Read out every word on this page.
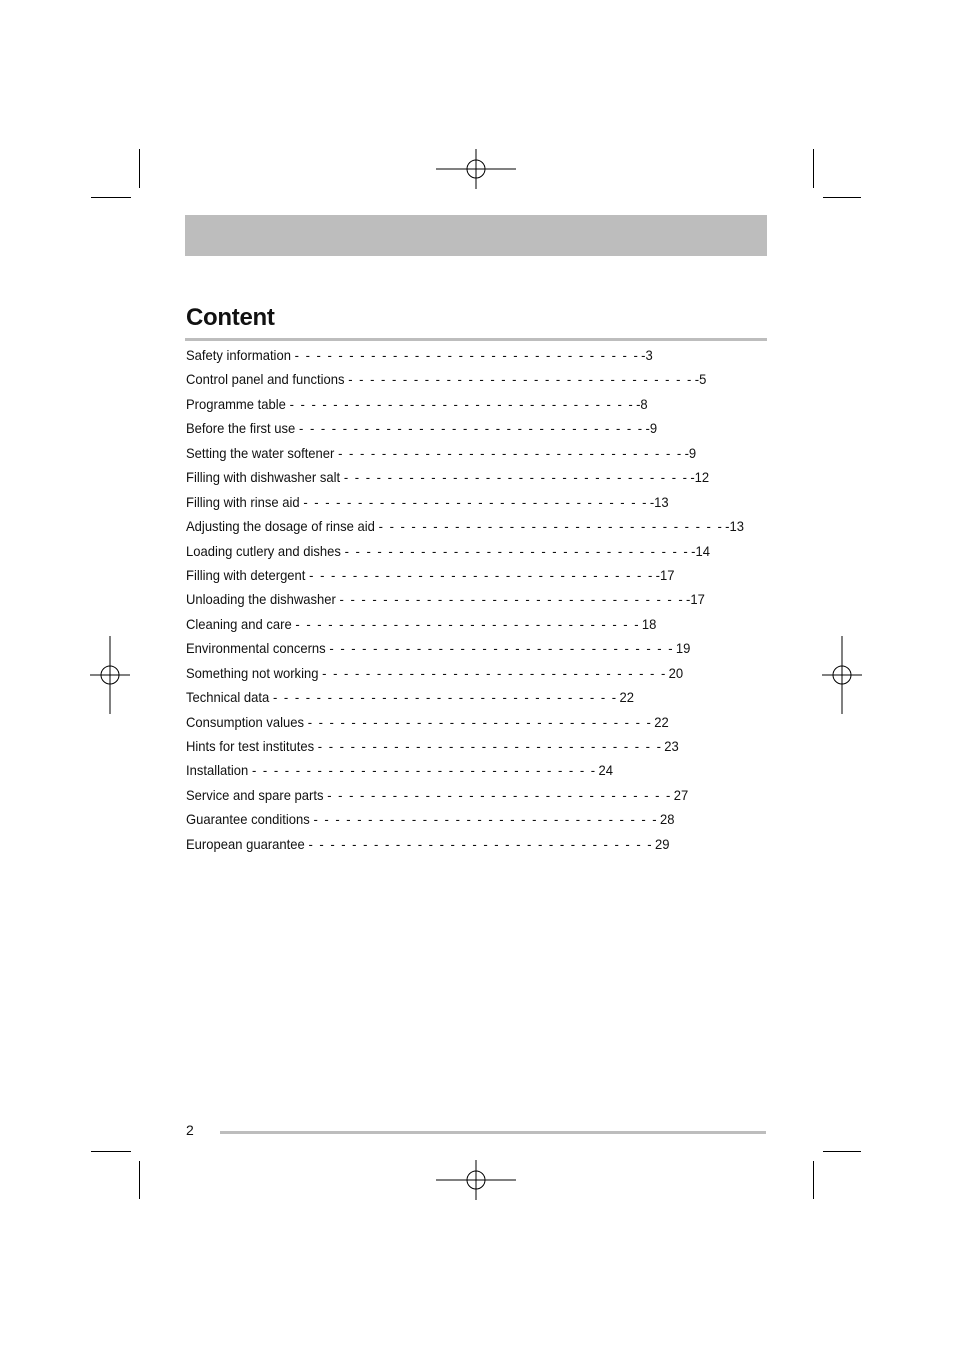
Content
Safety information - - - - - - - - - - - - - - - - - - - - - - - - - - - - - - - - -3
Control panel and functions - - - - - - - - - - - - - - - - - - - - - - - - - - - - - - - - -5
Programme table - - - - - - - - - - - - - - - - - - - - - - - - - - - - - - - - -8
Before the first use - - - - - - - - - - - - - - - - - - - - - - - - - - - - - - - - -9
Setting the water softener - - - - - - - - - - - - - - - - - - - - - - - - - - - - - - - - -9
Filling with dishwasher salt - - - - - - - - - - - - - - - - - - - - - - - - - - - - - - - - -12
Filling with rinse aid - - - - - - - - - - - - - - - - - - - - - - - - - - - - - - - - -13
Adjusting the dosage of rinse aid - - - - - - - - - - - - - - - - - - - - - - - - - - - - - - - - -13
Loading cutlery and dishes - - - - - - - - - - - - - - - - - - - - - - - - - - - - - - - - -14
Filling with detergent - - - - - - - - - - - - - - - - - - - - - - - - - - - - - - - - -17
Unloading the dishwasher - - - - - - - - - - - - - - - - - - - - - - - - - - - - - - - - -17
Cleaning and care - - - - - - - - - - - - - - - - - - - - - - - - - - - - - - - - 18
Environmental concerns - - - - - - - - - - - - - - - - - - - - - - - - - - - - - - - - 19
Something not working - - - - - - - - - - - - - - - - - - - - - - - - - - - - - - - - 20
Technical data - - - - - - - - - - - - - - - - - - - - - - - - - - - - - - - - 22
Consumption values - - - - - - - - - - - - - - - - - - - - - - - - - - - - - - - - 22
Hints for test institutes - - - - - - - - - - - - - - - - - - - - - - - - - - - - - - - - 23
Installation - - - - - - - - - - - - - - - - - - - - - - - - - - - - - - - - 24
Service and spare parts - - - - - - - - - - - - - - - - - - - - - - - - - - - - - - - - 27
Guarantee conditions - - - - - - - - - - - - - - - - - - - - - - - - - - - - - - - - 28
European guarantee - - - - - - - - - - - - - - - - - - - - - - - - - - - - - - - - 29
2
